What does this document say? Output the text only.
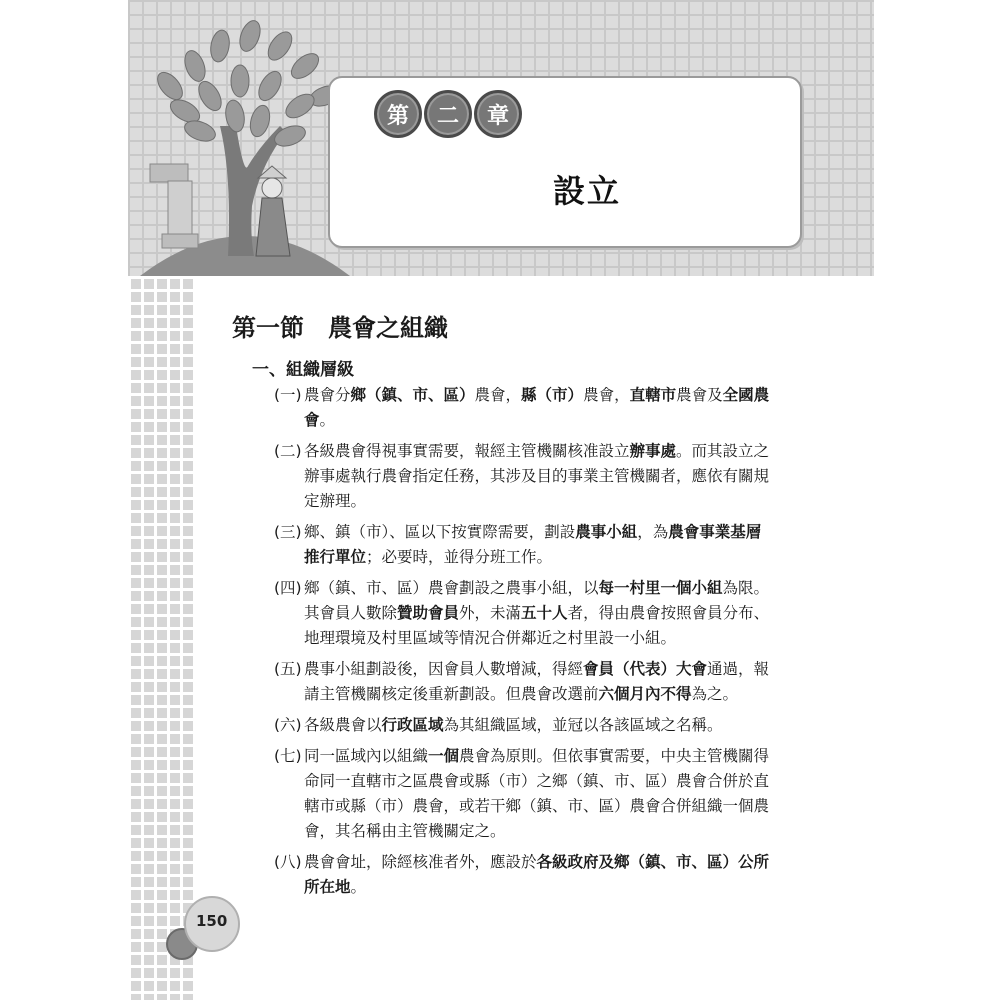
第	二	章
設立
第一節　農會之組織
一、組織層級
(一) 農會分鄉（鎮、市、區）農會，縣（市）農會，直轄市農會及全國農會。
(二) 各級農會得視事實需要，報經主管機關核准設立辦事處。而其設立之辦事處執行農會指定任務，其涉及目的事業主管機關者，應依有關規定辦理。
(三) 鄉、鎮（市）、區以下按實際需要，劃設農事小組，為農會事業基層推行單位；必要時，並得分班工作。
(四) 鄉（鎮、市、區）農會劃設之農事小組，以每一村里一個小組為限。其會員人數除贊助會員外，未滿五十人者，得由農會按照會員分布、地理環境及村里區域等情況合併鄰近之村里設一小組。
(五) 農事小組劃設後，因會員人數增減，得經會員（代表）大會通過，報請主管機關核定後重新劃設。但農會改選前六個月內不得為之。
(六) 各級農會以行政區域為其組織區域，並冠以各該區域之名稱。
(七) 同一區域內以組織一個農會為原則。但依事實需要，中央主管機關得命同一直轄市之區農會或縣（市）之鄉（鎮、市、區）農會合併於直轄市或縣（市）農會，或若干鄉（鎮、市、區）農會合併組織一個農會，其名稱由主管機關定之。
(八) 農會會址，除經核准者外，應設於各級政府及鄉（鎮、市、區）公所所在地。
150
